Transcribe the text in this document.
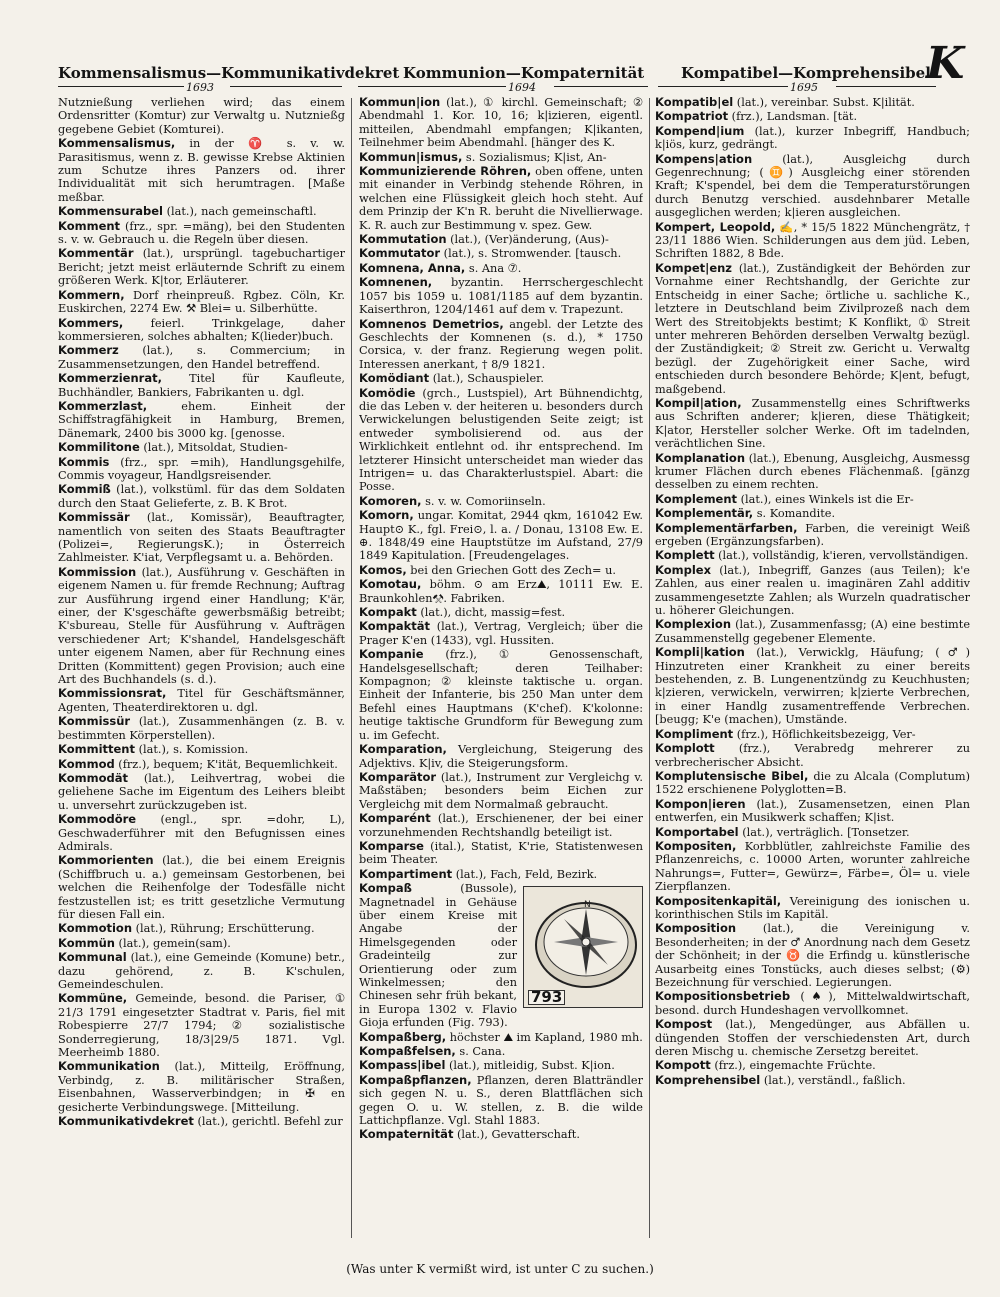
Kommensalismus—Kommunikativdekret Kommunion—Kompaternität Kompatibel—Komprehensibel
1693	1694	1695 K
Nutznießung verliehen wird; das einem Ordensritter (Komtur) zur Verwaltg u. Nutznießg gegebene Gebiet (Komturei).
Kommensalismus, in der ♈ s. v. w. Parasitismus, wenn z. B. gewisse Krebse Aktinien zum Schutze ihres Panzers od. ihrer Individualität mit sich herumtragen. [Maße meßbar.
Kommensurabel (lat.), nach gemeinschaftl.
Komment (frz., spr. =mäng), bei den Studenten s. v. w. Gebrauch u. die Regeln über diesen.
Kommentär (lat.), ursprüngl. tagebuchartiger Bericht; jetzt meist erläuternde Schrift zu einem größeren Werk. K|tor, Erläuterer.
Kommern, Dorf rheinpreuß. Rgbez. Cöln, Kr. Euskirchen, 2274 Ew. ⚒ Blei= u. Silberhütte.
Kommers, feierl. Trinkgelage, daher kommersieren, solches abhalten; K(lieder)buch.
Kommerz (lat.), s. Commercium; in Zusammensetzungen, den Handel betreffend.
Kommerzienrat, Titel für Kaufleute, Buchhändler, Bankiers, Fabrikanten u. dgl.
Kommerzlast, ehem. Einheit der Schiffstragfähigkeit in Hamburg, Bremen, Dänemark, 2400 bis 3000 kg. [genosse.
Kommilitone (lat.), Mitsoldat, Studien-
Kommis (frz., spr. =mih), Handlungsgehilfe, Commis voyageur, Handlgsreisender.
Kommiß (lat.), volkstüml. für das dem Soldaten durch den Staat Gelieferte, z. B. K Brot.
Kommissär (lat., Komissär), Beauftragter, namentlich von seiten des Staats Beauftragter (Polizei=, RegierungsK.); in Österreich Zahlmeister. K'iat, Verpflegsamt u. a. Behörden.
Kommission (lat.), Ausführung v. Geschäften in eigenem Namen u. für fremde Rechnung; Auftrag zur Ausführung irgend einer Handlung; K'är, einer, der K'sgeschäfte gewerbsmäßig betreibt; K'sbureau, Stelle für Ausführung v. Aufträgen verschiedener Art; K'shandel, Handelsgeschäft unter eigenem Namen, aber für Rechnung eines Dritten (Kommittent) gegen Provision; auch eine Art des Buchhandels (s. d.).
Kommissionsrat, Titel für Geschäftsmänner, Agenten, Theaterdirektoren u. dgl.
Kommissür (lat.), Zusammenhängen (z. B. v. bestimmten Körperstellen).
Kommittent (lat.), s. Komission.
Kommod (frz.), bequem; K'ität, Bequemlichkeit.
Kommodät (lat.), Leihvertrag, wobei die geliehene Sache im Eigentum des Leihers bleibt u. unversehrt zurückzugeben ist.
Kommodöre (engl., spr. =dohr, L), Geschwaderführer mit den Befugnissen eines Admirals.
Kommorienten (lat.), die bei einem Ereignis (Schiffbruch u. a.) gemeinsam Gestorbenen, bei welchen die Reihenfolge der Todesfälle nicht festzustellen ist; es tritt gesetzliche Vermutung für diesen Fall ein.
Kommotion (lat.), Rührung; Erschütterung.
Kommün (lat.), gemein(sam).
Kommunal (lat.), eine Gemeinde (Komune) betr., dazu gehörend, z. B. K'schulen, Gemeindeschulen.
Kommüne, Gemeinde, besond. die Pariser, ① 21/3 1791 eingesetzter Stadtrat v. Paris, fiel mit Robespierre 27/7 1794; ② sozialistische Sonderregierung, 18/3|29/5 1871. Vgl. Meerheimb 1880.
Kommunikation (lat.), Mitteilg, Eröffnung, Verbindg, z. B. militärischer Straßen, Eisenbahnen, Wasserverbindgen; in ✠ en gesicherte Verbindungswege. [Mitteilung.
Kommunikativdekret (lat.), gerichtl. Befehl zur
Kommun|ion (lat.), ① kirchl. Gemeinschaft; ② Abendmahl 1. Kor. 10, 16; k|izieren, eigentl. mitteilen, Abendmahl empfangen; K|ikanten, Teilnehmer beim Abendmahl. [hänger des K.
Kommun|ismus, s. Sozialismus; K|ist, An-
Kommunizierende Röhren, oben offene, unten mit einander in Verbindg stehende Röhren, in welchen eine Flüssigkeit gleich hoch steht. Auf dem Prinzip der K'n R. beruht die Nivellierwage. K. R. auch zur Bestimmung v. spez. Gew.
Kommutation (lat.), (Ver)änderung, (Aus)-
Kommutator (lat.), s. Stromwender. [tausch.
Komnena, Anna, s. Ana ⑦.
Komnenen, byzantin. Herrschergeschlecht 1057 bis 1059 u. 1081/1185 auf dem byzantin. Kaiserthron, 1204/1461 auf dem v. Trapezunt.
Komnenos Demetrios, angebl. der Letzte des Geschlechts der Komnenen (s. d.), * 1750 Corsica, v. der franz. Regierung wegen polit. Interessen anerkant, † 8/9 1821.
Komödiant (lat.), Schauspieler.
Komödie (grch., Lustspiel), Art Bühnendichtg, die das Leben v. der heiteren u. besonders durch Verwickelungen belustigenden Seite zeigt; ist entweder symbolisierend od. aus der Wirklichkeit entlehnt od. ihr entsprechend. Im letzterer Hinsicht unterscheidet man wieder das Intrigen= u. das Charakterlustspiel. Abart: die Posse.
Komoren, s. v. w. Comoriinseln.
Komorn, ungar. Komitat, 2944 qkm, 161042 Ew. Haupt⊙ K., fgl. Frei⊙, l. a. / Donau, 13108 Ew. E. ⊕. 1848/49 eine Hauptstütze im Aufstand, 27/9 1849 Kapitulation. [Freudengelages.
Komos, bei den Griechen Gott des Zech= u.
Komotau, böhm. ⊙ am Erz⛰, 10111 Ew. E. Braunkohlen⚒. Fabriken.
Kompakt (lat.), dicht, massig=fest.
Kompaktät (lat.), Vertrag, Vergleich; über die Prager K'en (1433), vgl. Hussiten.
Kompanie (frz.), ① Genossenschaft, Handelsgesellschaft; deren Teilhaber: Kompagnon; ② kleinste taktische u. organ. Einheit der Infanterie, bis 250 Man unter dem Befehl eines Hauptmans (K'chef). K'kolonne: heutige taktische Grundform für Bewegung zum u. im Gefecht.
Komparation, Vergleichung, Steigerung des Adjektivs. K|iv, die Steigerungsform.
Komparätor (lat.), Instrument zur Vergleichg v. Maßstäben; besonders beim Eichen zur Vergleichg mit dem Normalmaß gebraucht.
Komparént (lat.), Erschienener, der bei einer vorzunehmenden Rechtshandlg beteiligt ist.
Komparse (ital.), Statist, K'rie, Statistenwesen beim Theater.
Kompartiment (lat.), Fach, Feld, Bezirk.
N
793
Kompaß (Bussole), Magnetnadel in Gehäuse über einem Kreise mit Angabe der Himelsgegenden oder Gradeinteilg zur Orientierung oder zum Winkelmessen; den Chinesen sehr früh bekant, in Europa 1302 v. Flavio Gioja erfunden (Fig. 793).
Kompaßberg, höchster ⛰ im Kapland, 1980 mh.
Kompaßfelsen, s. Cana.
Kompass|ibel (lat.), mitleidig, Subst. K|ion.
Kompaßpflanzen, Pflanzen, deren Blatträndler sich gegen N. u. S., deren Blattflächen sich gegen O. u. W. stellen, z. B. die wilde Lattichpflanze. Vgl. Stahl 1883.
Kompaternität (lat.), Gevatterschaft.
Kompatib|el (lat.), vereinbar. Subst. K|ilität.
Kompatriot (frz.), Landsman. [tät.
Kompend|ium (lat.), kurzer Inbegriff, Handbuch; k|iös, kurz, gedrängt.
Kompens|ation (lat.), Ausgleichg durch Gegenrechnung; (♊) Ausgleichg einer störenden Kraft; K'spendel, bei dem die Temperaturstörungen durch Benutzg verschied. ausdehnbarer Metalle ausgeglichen werden; k|ieren ausgleichen.
Kompert, Leopold, ✍, * 15/5 1822 Münchengrätz, † 23/11 1886 Wien. Schilderungen aus dem jüd. Leben, Schriften 1882, 8 Bde.
Kompet|enz (lat.), Zuständigkeit der Behörden zur Vornahme einer Rechtshandlg, der Gerichte zur Entscheidg in einer Sache; örtliche u. sachliche K., letztere in Deutschland beim Zivilprozeß nach dem Wert des Streitobjekts bestimt; K Konflikt, ① Streit unter mehreren Behörden derselben Verwaltg bezügl. der Zuständigkeit; ② Streit zw. Gericht u. Verwaltg bezügl. der Zugehörigkeit einer Sache, wird entschieden durch besondere Behörde; K|ent, befugt, maßgebend.
Kompil|ation, Zusammenstellg eines Schriftwerks aus Schriften anderer; k|ieren, diese Thätigkeit; K|ator, Hersteller solcher Werke. Oft im tadelnden, verächtlichen Sine.
Komplanation (lat.), Ebenung, Ausgleichg, Ausmessg krumer Flächen durch ebenes Flächenmaß. [gänzg desselben zu einem rechten.
Komplement (lat.), eines Winkels ist die Er-
Komplementär, s. Komandite.
Komplementärfarben, Farben, die vereinigt Weiß ergeben (Ergänzungsfarben).
Komplett (lat.), vollständig, k'ieren, vervollständigen.
Komplex (lat.), Inbegriff, Ganzes (aus Teilen); k'e Zahlen, aus einer realen u. imaginären Zahl additiv zusammengesetzte Zahlen; als Wurzeln quadratischer u. höherer Gleichungen.
Komplexion (lat.), Zusammenfassg; (A) eine bestimte Zusammenstellg gegebener Elemente.
Kompli|kation (lat.), Verwicklg, Häufung; (♂) Hinzutreten einer Krankheit zu einer bereits bestehenden, z. B. Lungenentzündg zu Keuchhusten; k|zieren, verwickeln, verwirren; k|zierte Verbrechen, in einer Handlg zusamentreffende Verbrechen. [beugg; K'e (machen), Umstände.
Kompliment (frz.), Höflichkeitsbezeigg, Ver-
Komplott (frz.), Verabredg mehrerer zu verbrecherischer Absicht.
Komplutensische Bibel, die zu Alcala (Complutum) 1522 erschienene Polyglotten=B.
Kompon|ieren (lat.), Zusamensetzen, einen Plan entwerfen, ein Musikwerk schaffen; K|ist.
Komportabel (lat.), verträglich. [Tonsetzer.
Kompositen, Korbblütler, zahlreichste Familie des Pflanzenreichs, c. 10000 Arten, worunter zahlreiche Nahrungs=, Futter=, Gewürz=, Färbe=, Öl= u. viele Zierpflanzen.
Kompositenkapitäl, Vereinigung des ionischen u. korinthischen Stils im Kapitäl.
Komposition (lat.), die Vereinigung v. Besonderheiten; in der ♂ Anordnung nach dem Gesetz der Schönheit; in der ♉ die Erfindg u. künstlerische Ausarbeitg eines Tonstücks, auch dieses selbst; (⚙) Bezeichnung für verschied. Legierungen.
Kompositionsbetrieb (♠), Mittelwaldwirtschaft, besond. durch Hundeshagen vervollkomnet.
Kompost (lat.), Mengedünger, aus Abfällen u. düngenden Stoffen der verschiedensten Art, durch deren Mischg u. chemische Zersetzg bereitet.
Kompott (frz.), eingemachte Früchte.
Komprehensibel (lat.), verständl., faßlich.
(Was unter K vermißt wird, ist unter C zu suchen.)
